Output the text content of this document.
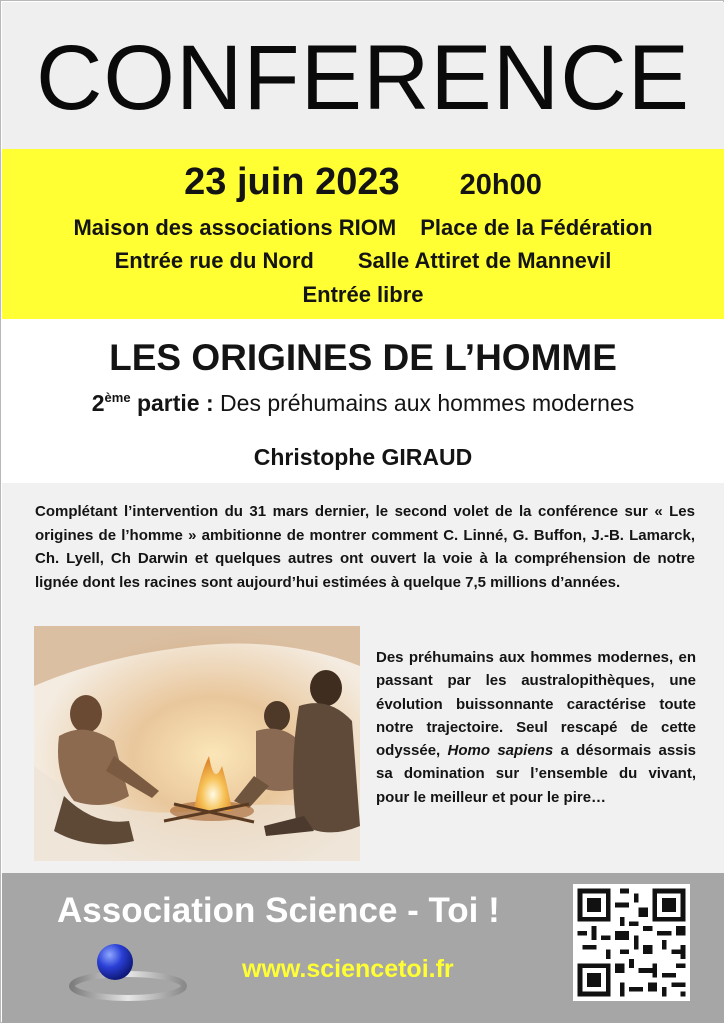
CONFERENCE
23 juin 2023 20h00
Maison des associations RIOM Place de la Fédération
Entrée rue du Nord Salle Attiret de Mannevil
Entrée libre
LES ORIGINES DE L’HOMME
2ème partie : Des préhumains aux hommes modernes
Christophe GIRAUD

Complétant l’intervention du 31 mars dernier, le second volet de la conférence sur « Les origines de l’homme » ambitionne de montrer comment C. Linné, G. Buffon, J.-B. Lamarck, Ch. Lyell, Ch Darwin et quelques autres ont ouvert la voie à la compréhension de notre lignée dont les racines sont aujourd’hui estimées à quelque 7,5 millions d’années.

Des préhumains aux hommes modernes, en passant par les australopithèques, une évolution buissonnante caractérise toute notre trajectoire. Seul rescapé de cette odyssée, Homo sapiens a désormais assis sa domination sur l’ensemble du vivant, pour le meilleur et pour le pire…

Association Science - Toi !
www.sciencetoi.fr
